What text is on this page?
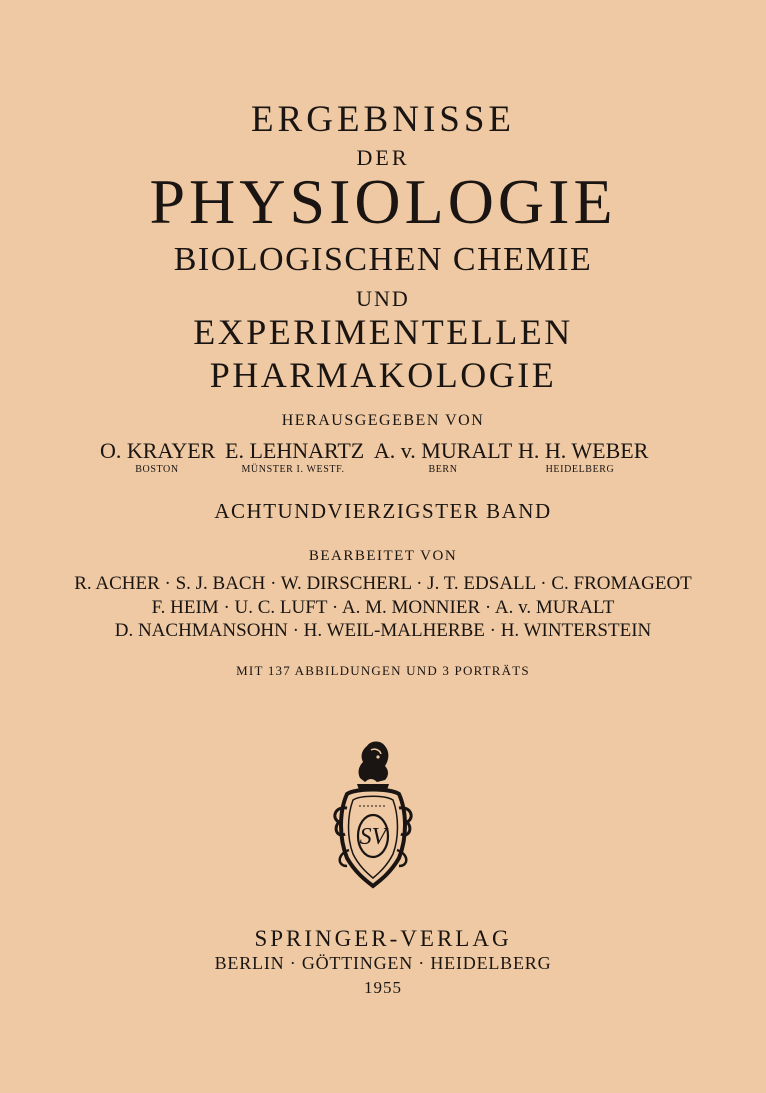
ERGEBNISSE
DER
PHYSIOLOGIE
BIOLOGISCHEN CHEMIE
UND
EXPERIMENTELLEN
PHARMAKOLOGIE
HERAUSGEGEBEN VON
O. KRAYER
BOSTON
E. LEHNARTZ
MÜNSTER I. WESTF.
A. v. MURALT
BERN
H. H. WEBER
HEIDELBERG
ACHTUNDVIERZIGSTER BAND
BEARBEITET VON
R. ACHER · S. J. BACH · W. DIRSCHERL · J. T. EDSALL · C. FROMAGEOT
F. HEIM · U. C. LUFT · A. M. MONNIER · A. v. MURALT
D. NACHMANSOHN · H. WEIL-MALHERBE · H. WINTERSTEIN
MIT 137 ABBILDUNGEN UND 3 PORTRÄTS
SV
SPRINGER-VERLAG
BERLIN · GÖTTINGEN · HEIDELBERG
1955
